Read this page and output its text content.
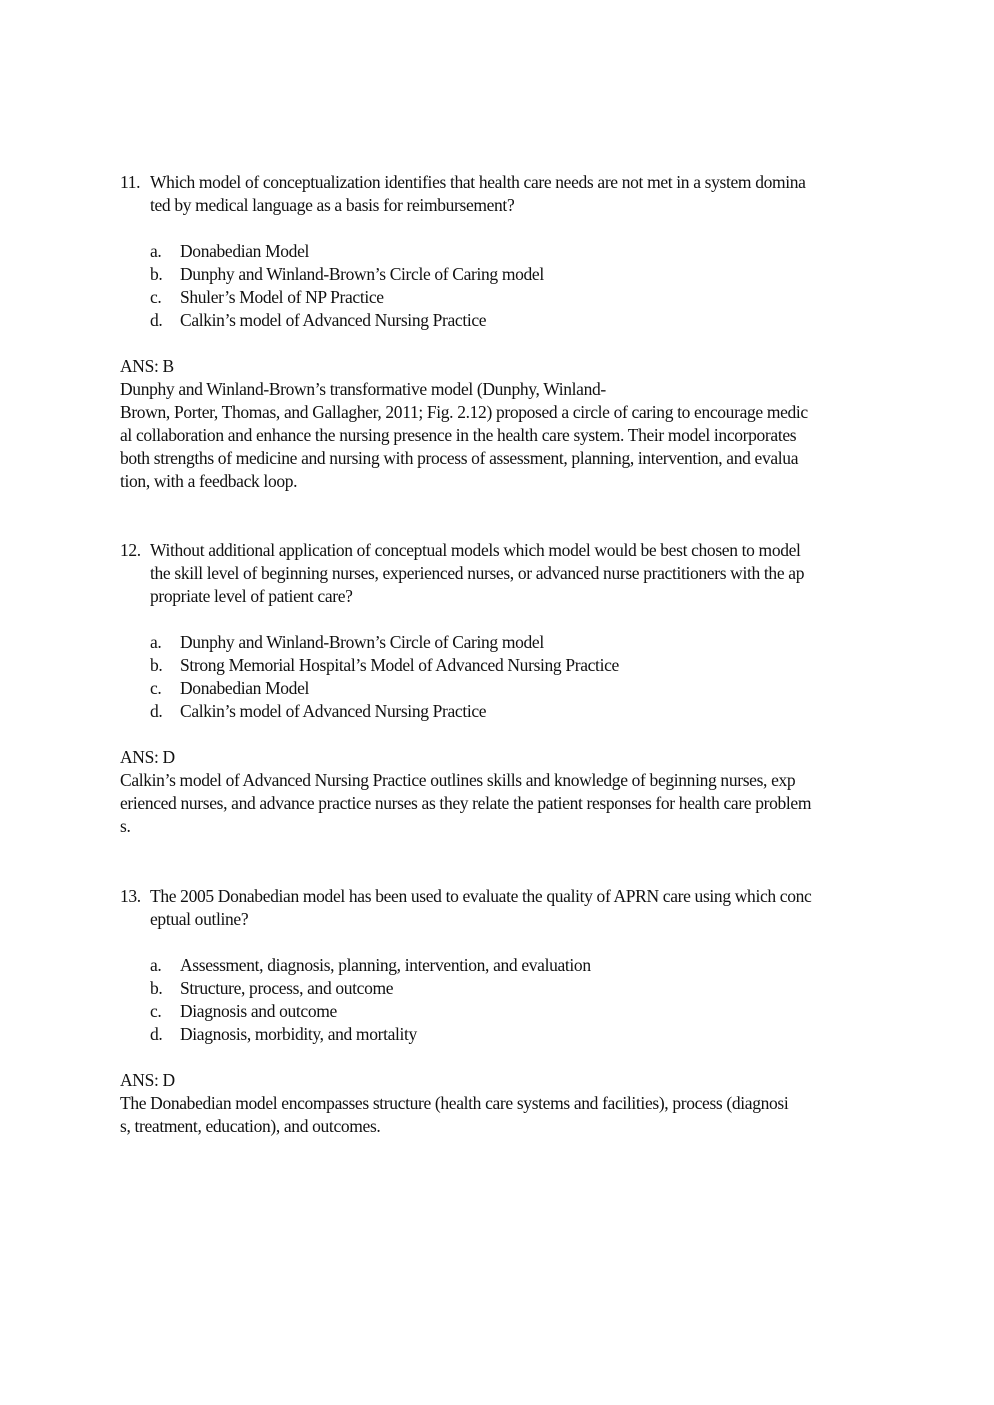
11. Which model of conceptualization identifies that health care needs are not met in a system domina
ted by medical language as a basis for reimbursement?
a. Donabedian Model
b. Dunphy and Winland-Brown’s Circle of Caring model
c. Shuler’s Model of NP Practice
d. Calkin’s model of Advanced Nursing Practice
ANS: B
Dunphy and Winland-Brown’s transformative model (Dunphy, Winland-
Brown, Porter, Thomas, and Gallagher, 2011; Fig. 2.12) proposed a circle of caring to encourage medic
al collaboration and enhance the nursing presence in the health care system. Their model incorporates
both strengths of medicine and nursing with process of assessment, planning, intervention, and evalua
tion, with a feedback loop.
12. Without additional application of conceptual models which model would be best chosen to model
the skill level of beginning nurses, experienced nurses, or advanced nurse practitioners with the ap
propriate level of patient care?
a. Dunphy and Winland-Brown’s Circle of Caring model
b. Strong Memorial Hospital’s Model of Advanced Nursing Practice
c. Donabedian Model
d. Calkin’s model of Advanced Nursing Practice
ANS: D
Calkin’s model of Advanced Nursing Practice outlines skills and knowledge of beginning nurses, exp
erienced nurses, and advance practice nurses as they relate the patient responses for health care problem
s.
13. The 2005 Donabedian model has been used to evaluate the quality of APRN care using which conc
eptual outline?
a. Assessment, diagnosis, planning, intervention, and evaluation
b. Structure, process, and outcome
c. Diagnosis and outcome
d. Diagnosis, morbidity, and mortality
ANS: D
The Donabedian model encompasses structure (health care systems and facilities), process (diagnosi
s, treatment, education), and outcomes.
